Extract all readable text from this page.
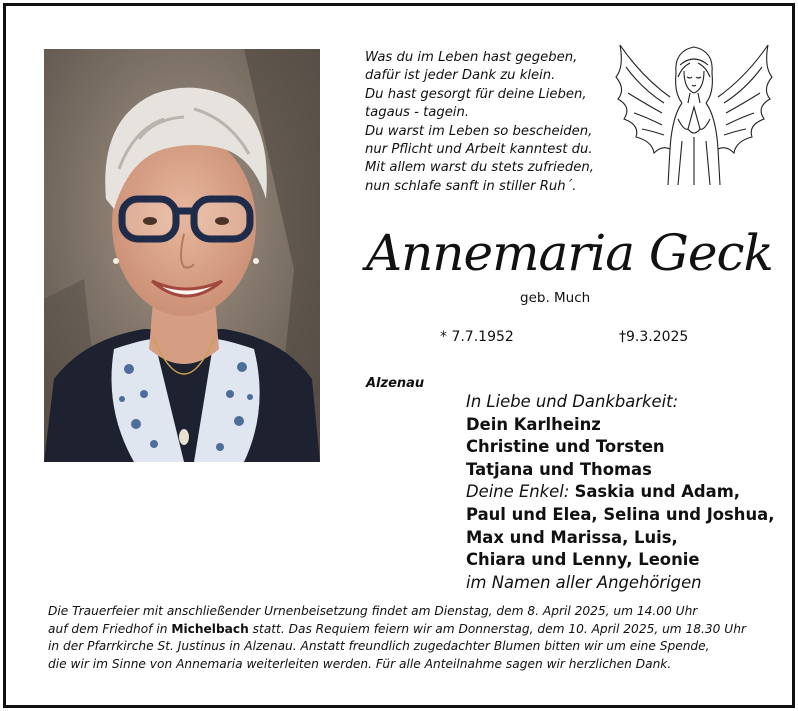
Was du im Leben hast gegeben,
dafür ist jeder Dank zu klein.
Du hast gesorgt für deine Lieben,
tagaus - tagein.
Du warst im Leben so bescheiden,
nur Pflicht und Arbeit kanntest du.
Mit allem warst du stets zufrieden,
nun schlafe sanft in stiller Ruh´.
Annemaria Geck
geb. Much
* 7.7.1952	†9.3.2025
Alzenau
In Liebe und Dankbarkeit:
Dein Karlheinz
Christine und Torsten
Tatjana und Thomas
Deine Enkel: Saskia und Adam,
Paul und Elea, Selina und Joshua,
Max und Marissa, Luis,
Chiara und Lenny, Leonie
im Namen aller Angehörigen
Die Trauerfeier mit anschließender Urnenbeisetzung findet am Dienstag, dem 8. April 2025, um 14.00 Uhr
auf dem Friedhof in Michelbach statt. Das Requiem feiern wir am Donnerstag, dem 10. April 2025, um 18.30 Uhr
in der Pfarrkirche St. Justinus in Alzenau. Anstatt freundlich zugedachter Blumen bitten wir um eine Spende,
die wir im Sinne von Annemaria weiterleiten werden. Für alle Anteilnahme sagen wir herzlichen Dank.
